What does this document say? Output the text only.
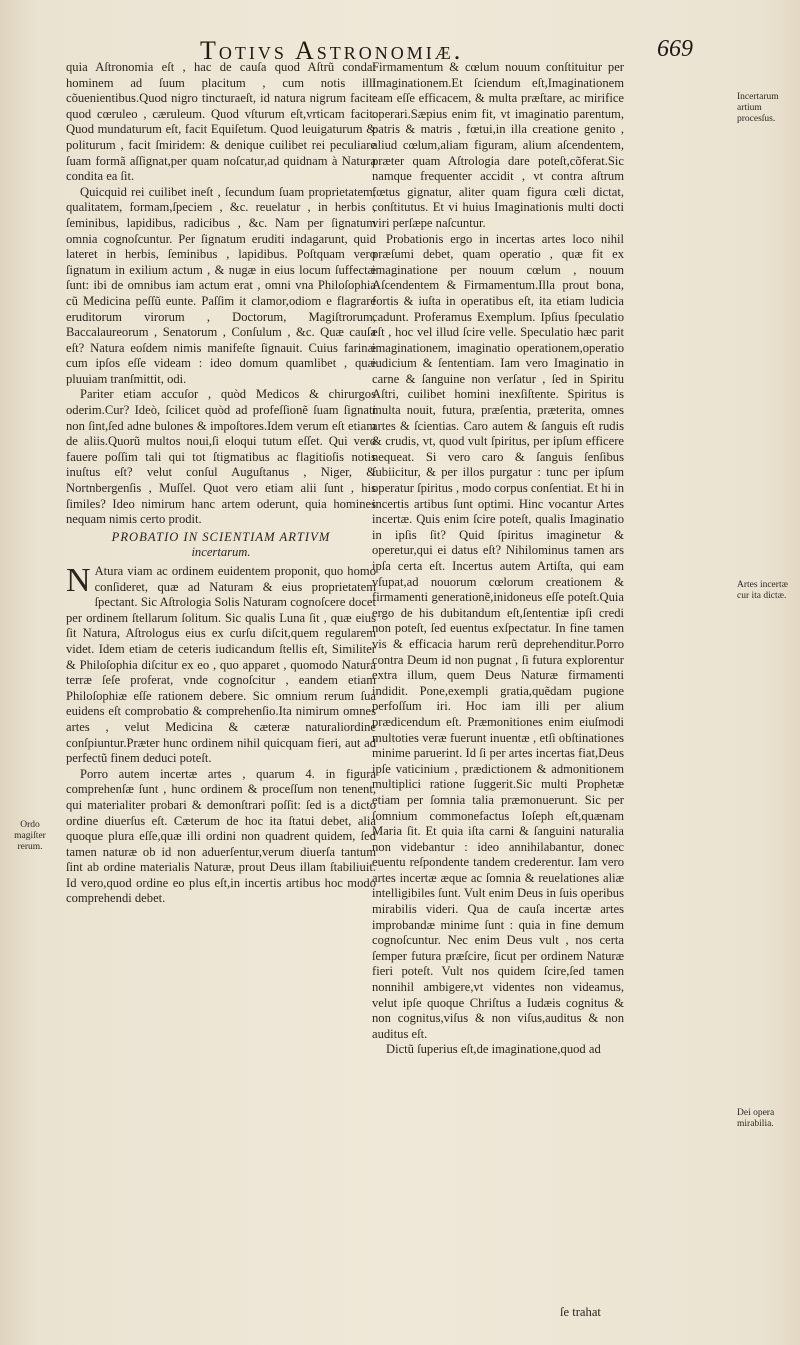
Totivs Astronomiæ.	669

quia Aſtronomia eſt , hac de cauſa quod Aſtrũ condat hominem ad ſuum placitum , cum notis illi cõuenientibus.Quod nigro tincturaeſt, id natura nigrum facit: quod cœruleo , cæruleum. Quod vſturum eſt,vrticam facit. Quod mundaturum eſt, facit Equiſetum. Quod leuigaturum & politurum , facit ſmiridem: & denique cuilibet rei peculiare ſuam formã aſſignat,per quam noſcatur,ad quidnam à Natura condita ea ſit.

Quicquid rei cuilibet ineſt , ſecundum ſuam proprietatem, qualitatem, formam,ſpeciem , &c. reuelatur , in herbis , ſeminibus, lapidibus, radicibus , &c. Nam per ſignatum omnia cognoſcuntur. Per ſignatum eruditi indagarunt, quid lateret in herbis, ſeminibus , lapidibus. Poſtquam vero ſignatum in exilium actum , & nugæ in eius locum ſuffectæ ſunt: ibi de omnibus iam actum erat , omni vna Philoſophia cũ Medicina peſſũ eunte. Paſſim it clamor,odiom e flagrare eruditorum virorum , Doctorum, Magiſtrorum, Baccalaureorum , Senatorum , Conſulum , &c. Quæ cauſa eſt? Natura eoſdem nimis manifeſte ſignauit. Cuius farinæ cum ipſos eſſe videam : ideo domum quamlibet , quæ pluuiam tranſmittit, odi.

Pariter etiam accuſor , quòd Medicos & chirurgos oderim.Cur? Ideò, ſcilicet quòd ad profeſſionẽ ſuam ſignati non ſint,ſed adne bulones & impoſtores.Idem verum eſt etiam de aliis.Quorũ multos noui,ſi eloqui tutum eſſet. Qui vero fauere poſſim tali qui tot ſtigmatibus ac flagitioſis notis inuſtus eſt? velut conſul Auguſtanus , Niger, & Nortnbergenſis , Muſſel. Quot vero etiam alii ſunt , his ſimiles? Ideo nimirum hanc artem oderunt, quia homines nequam nimis certo prodit.

PROBATIO IN SCIENTIAM ARTIVM
incertarum.

N Atura viam ac ordinem euidentem proponit, quo homo conſideret, quæ ad Naturam & eius proprietatem ſpectant. Sic Aſtrologia Solis Naturam cognoſcere docet per ordinem ſtellarum ſolitum. Sic qualis Luna ſit , quæ eius ſit Natura, Aſtrologus eius ex curſu diſcit,quem regularem videt. Idem etiam de ceteris iudicandum ſtellis eſt, Similiter & Philoſophia diſcitur ex eo , quo apparet , quomodo Natura terræ ſeſe proferat, vnde cognoſcitur , eandem etiam Philoſophiæ eſſe rationem debere. Sic omnium rerum ſua euidens eſt comprobatio & comprehenſio.Ita nimirum omnes artes , velut Medicina & cæteræ naturaliordine conſpiuntur.Præter hunc ordinem nihil quicquam fieri, aut ad perfectũ finem deduci poteſt.

Porro autem incertæ artes , quarum 4. in figura comprehenſæ ſunt , hunc ordinem & proceſſum non tenent, qui materialiter probari & demonſtrari poſſit: ſed is a dicto ordine diuerſus eſt. Cæterum de hoc ita ſtatui debet, alia quoque plura eſſe,quæ illi ordini non quadrent quidem, ſed tamen naturæ ob id non aduerſentur,verum diuerſa tantum ſint ab ordine materialis Naturæ, prout Deus illam ſtabiliuit. Id vero,quod ordine eo plus eſt,in incertis artibus hoc modo comprehendi debet.

Firmamentum & cœlum nouum conſtituitur per Imaginationem.Et ſciendum eſt,Imaginationem eam eſſe efficacem, & multa præſtare, ac mirifice operari.Sæpius enim fit, vt imaginatio parentum, patris & matris , fœtui,in illa creatione genito , aliud cœlum,aliam figuram, alium aſcendentem, præter quam Aſtrologia dare poteſt,cõferat.Sic namque frequenter accidit , vt contra aſtrum fœtus gignatur, aliter quam figura cœli dictat, conſtitutus. Et vi huius Imaginationis multi docti viri perſæpe naſcuntur.

Probationis ergo in incertas artes loco nihil præſumi debet, quam operatio , quæ fit ex imaginatione per nouum cœlum , nouum Aſcendentem & Firmamentum.Illa prout bona, fortis & iuſta in operatibus eſt, ita etiam ludicia cadunt. Proferamus Exemplum. Ipſius ſpeculatio eſt , hoc vel illud ſcire velle. Speculatio hæc parit imaginationem, imaginatio operationem,operatio iudicium & ſententiam. Iam vero Imaginatio in carne & ſanguine non verſatur , ſed in Spiritu Aſtri, cuilibet homini inexſiſtente. Spiritus is multa nouit, futura, præſentia, præterita, omnes artes & ſcientias. Caro autem & ſanguis eſt rudis & crudis, vt, quod vult ſpiritus, per ipſum efficere nequeat. Si vero caro & ſanguis ſenſibus ſubiicitur, & per illos purgatur : tunc per ipſum operatur ſpiritus , modo corpus conſentiat. Et hi in incertis artibus ſunt optimi. Hinc vocantur Artes incertæ. Quis enim ſcire poteſt, qualis Imaginatio in ipſis ſit? Quid ſpiritus imaginetur & operetur,qui ei datus eſt? Nihilominus tamen ars ipſa certa eſt. Incertus autem Artiſta, qui eam vſupat,ad nouorum cœlorum creationem & firmamenti generationẽ,inidoneus eſſe poteſt.Quia ergo de his dubitandum eſt,ſententiæ ipſi credi non poteſt, ſed euentus exſpectatur. In fine tamen vis & efficacia harum rerũ deprehenditur.Porro contra Deum id non pugnat , ſi futura explorentur extra illum, quem Deus Naturæ firmamenti indidit. Pone,exempli gratia,quẽdam pugione perfoſſum iri. Hoc iam illi per alium prædicendum eſt. Præmonitiones enim eiuſmodi multoties veræ fuerunt inuentæ , etſi obſtinationes minime paruerint. Id ſi per artes incertas fiat,Deus ipſe vaticinium , prædictionem & admonitionem multiplici ratione ſuggerit.Sic multi Prophetæ etiam per ſomnia talia præmonuerunt. Sic per ſomnium commonefactus Ioſeph eſt,quænam Maria ſit. Et quia iſta carni & ſanguini naturalia non videbantur : ideo annihilabantur, donec euentu reſpondente tandem crederentur. Iam vero artes incertæ æque ac ſomnia & reuelationes aliæ intelligibiles ſunt. Vult enim Deus in ſuis operibus mirabilis videri. Qua de cauſa incertæ artes improbandæ minime ſunt : quia in fine demum cognoſcuntur. Nec enim Deus vult , nos certa ſemper futura præſcire, ſicut per ordinem Naturæ fieri poteſt. Vult nos quidem ſcire,ſed tamen nonnihil ambigere,vt videntes non videamus, velut ipſe quoque Chriſtus a Iudæis cognitus & non cognitus,viſus & non viſus,auditus & non auditus eſt.

Dictũ ſuperius eſt,de imaginatione,quod ad

Ordo magiſter rerum.
Incertarum artium procesſus.
Artes incertæ cur ita dictæ.
Dei opera mirabilia.
ſe trahat
